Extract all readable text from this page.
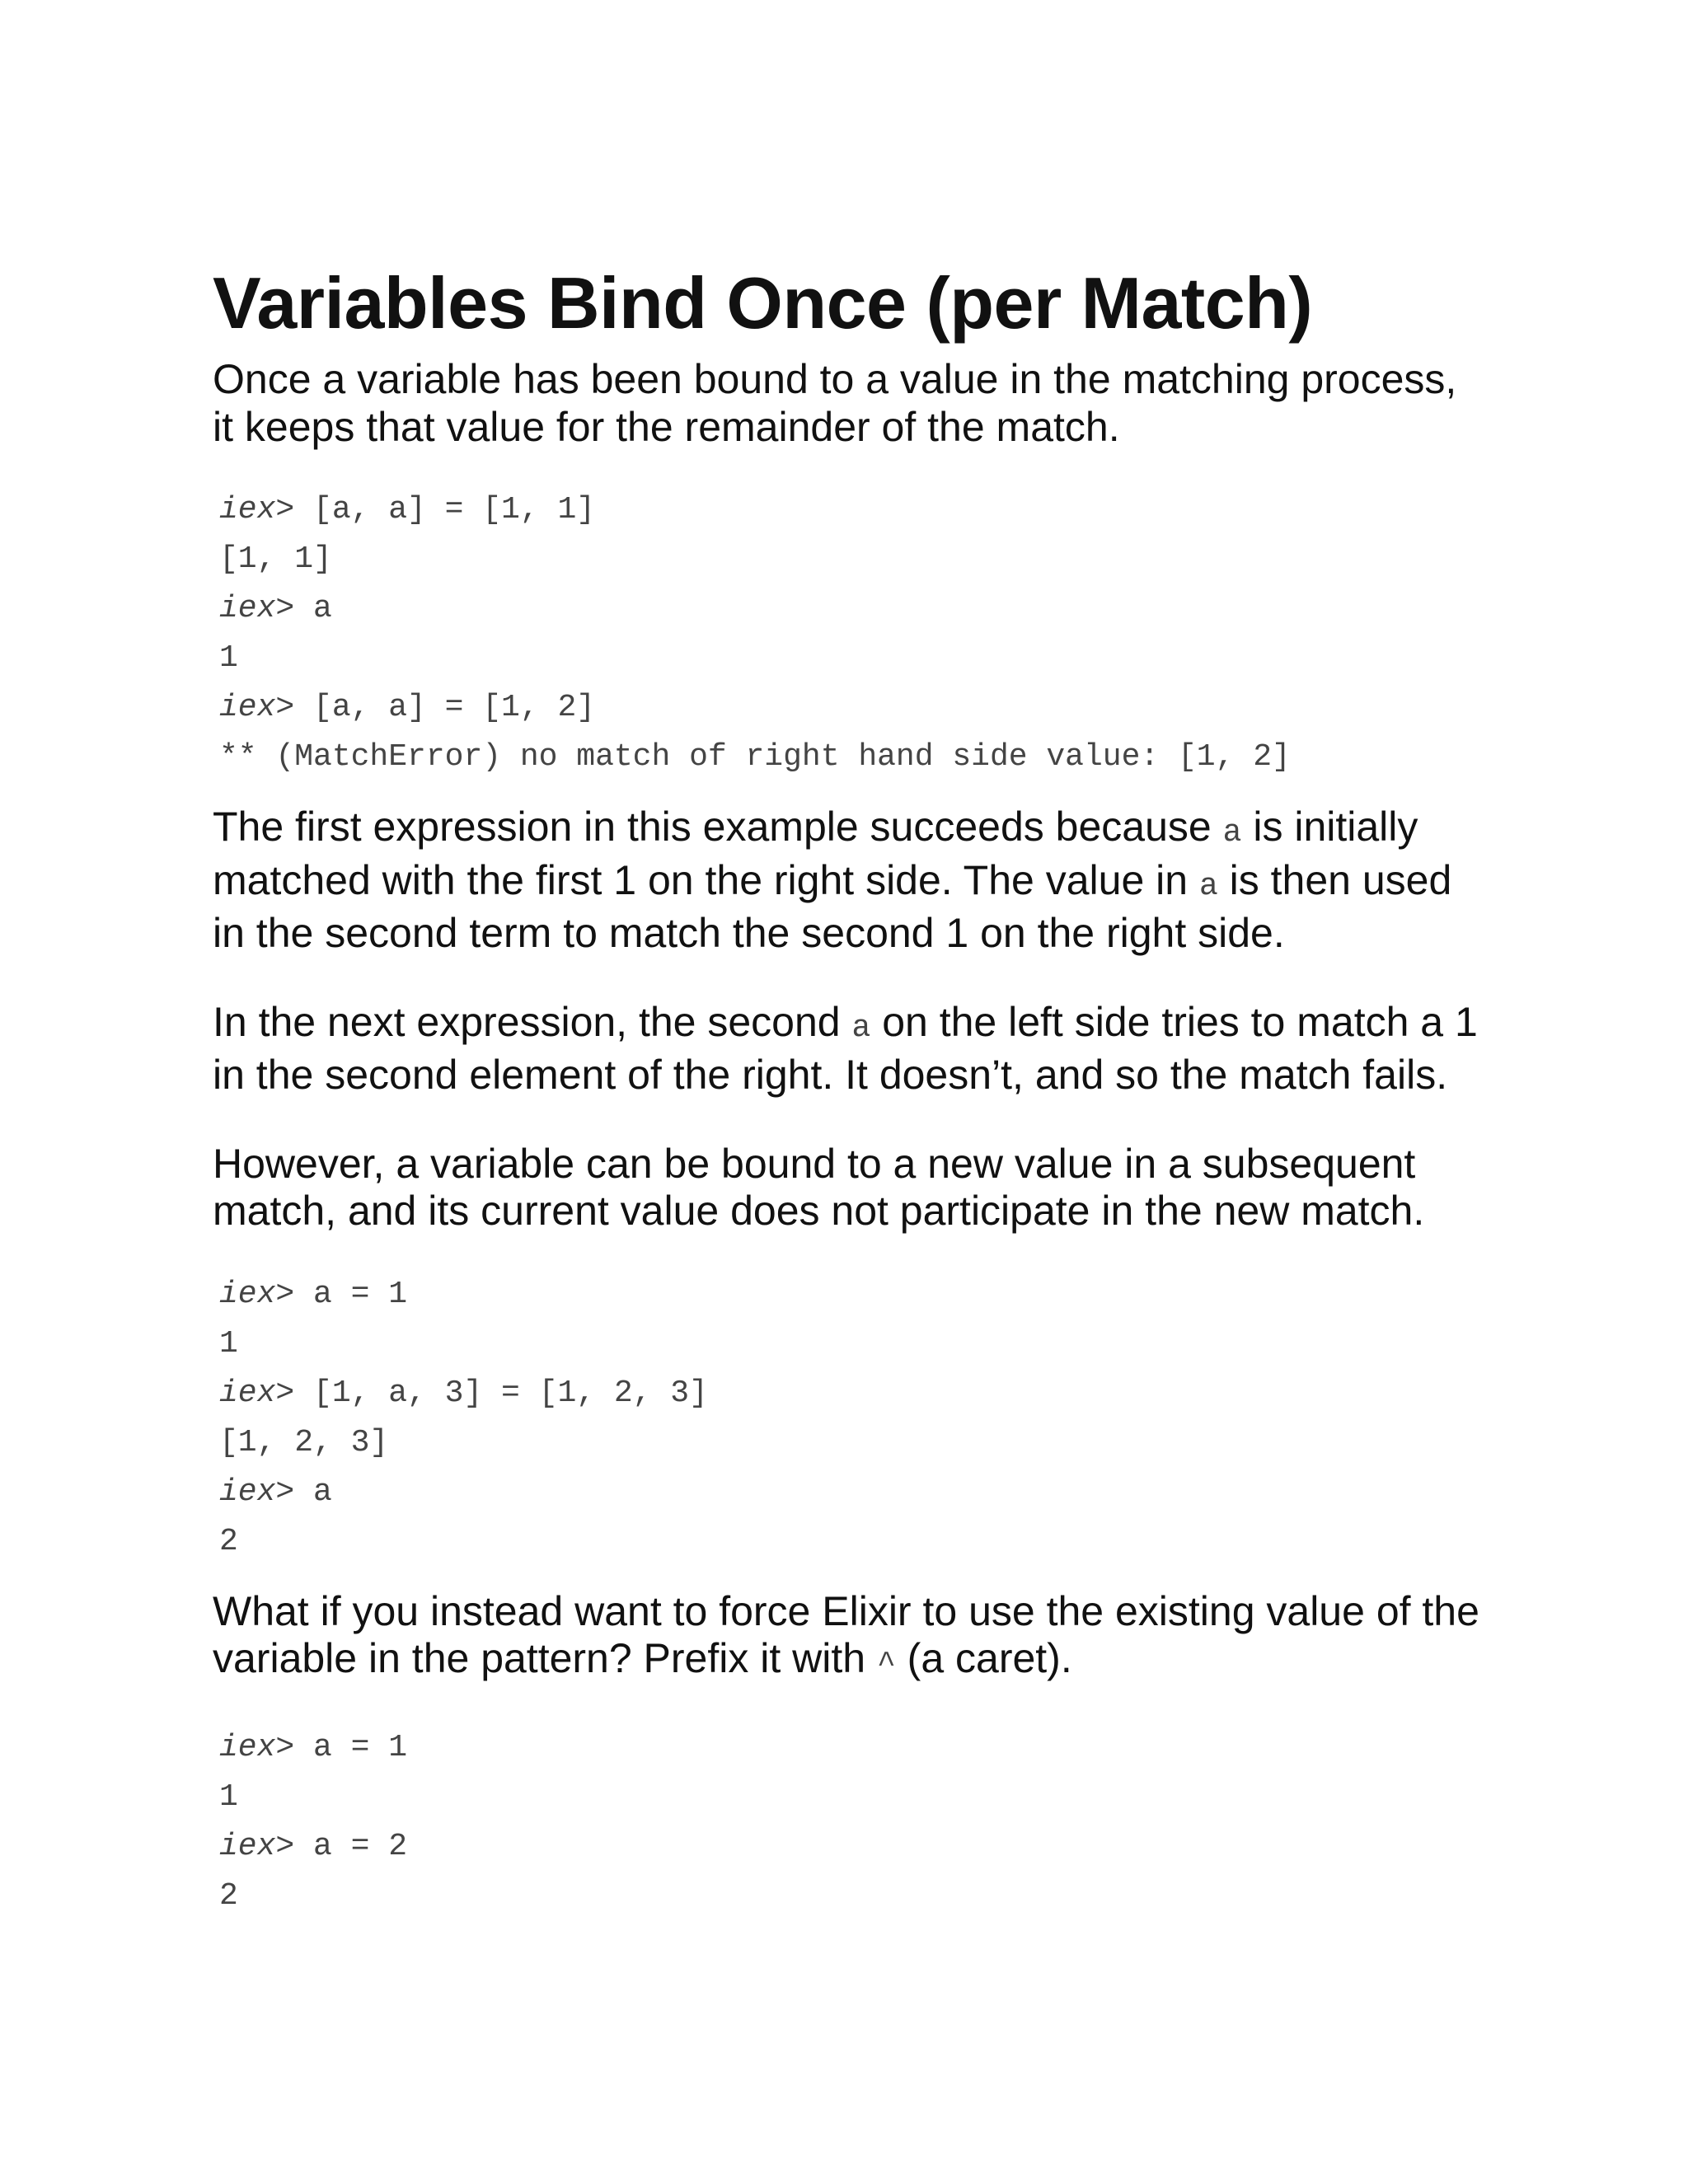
Variables Bind Once (per Match)

Once a variable has been bound to a value in the matching process, it keeps that value for the remainder of the match.

iex> [a, a] = [1, 1]
[1, 1]
iex> a
1
iex> [a, a] = [1, 2]
** (MatchError) no match of right hand side value: [1, 2]

The first expression in this example succeeds because a is initially matched with the first 1 on the right side. The value in a is then used in the second term to match the second 1 on the right side.

In the next expression, the second a on the left side tries to match a 1 in the second element of the right. It doesn’t, and so the match fails.

However, a variable can be bound to a new value in a subsequent match, and its current value does not participate in the new match.

iex> a = 1
1
iex> [1, a, 3] = [1, 2, 3]
[1, 2, 3]
iex> a
2

What if you instead want to force Elixir to use the existing value of the variable in the pattern? Prefix it with ^ (a caret).

iex> a = 1
1
iex> a = 2
2
